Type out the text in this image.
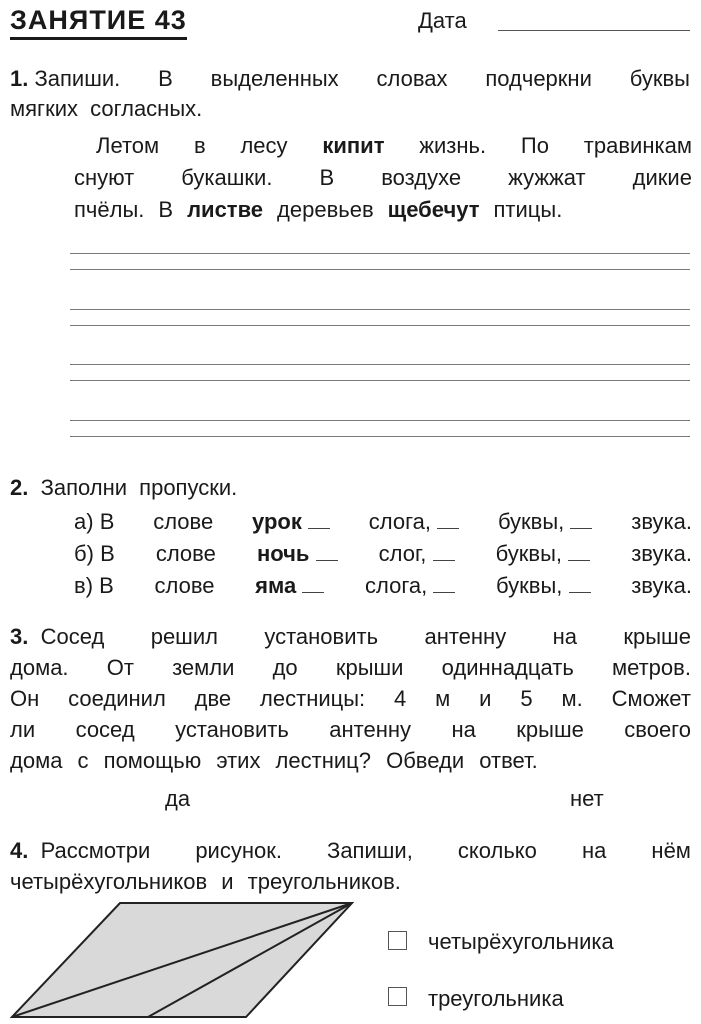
ЗАНЯТИЕ 43	Дата
1. Запиши. В выделенных словах подчеркни буквы
мягких согласных.
Летом в лесу кипит жизнь. По травинкам
снуют букашки. В воздухе жужжат дикие
пчёлы. В листве деревьев щебечут птицы.
2. Заполни пропуски.
а) В слове урок	слога,	буквы,	звука.
б) В слове ночь	слог,	буквы,	звука.
в) В слове яма	слога,	буквы,	звука.
3. Сосед решил установить антенну на крыше
дома. От земли до крыши одиннадцать метров.
Он соединил две лестницы: 4 м и 5 м. Сможет
ли сосед установить антенну на крыше своего
дома с помощью этих лестниц? Обведи ответ.
да	нет
4. Рассмотри рисунок. Запиши, сколько на нём
четырёхугольников и треугольников.
четырёхугольника
треугольника
